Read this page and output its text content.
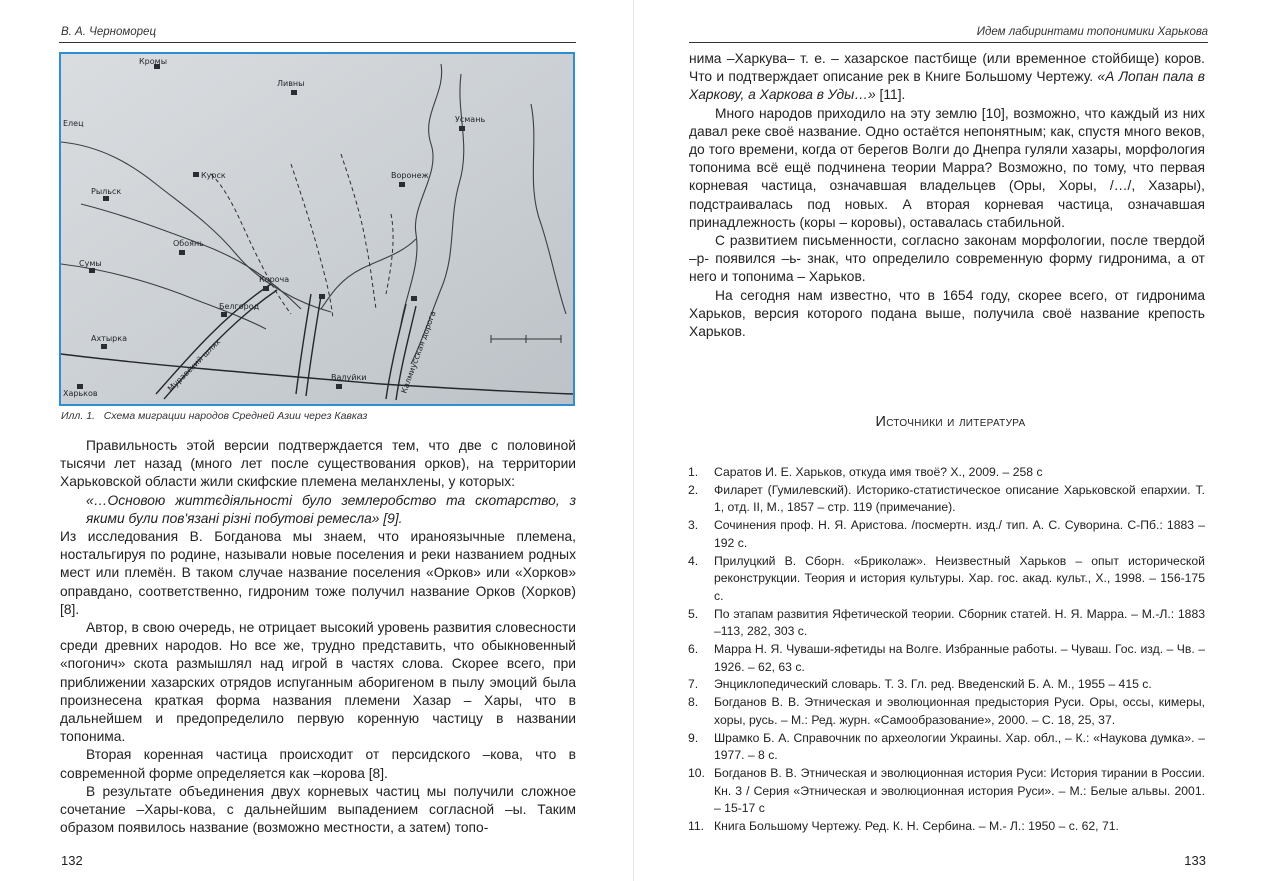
В. А. Черноморец
Кромы
Ливны
Елец
Курск
Рыльск
Обоянь
Сумы
Белгород
Короча
Валуйки
Харьков
Ахтырка
Воронеж
Усмань
Калмиусская дорога
Муравский шлях
Илл. 1. Схема миграции народов Средней Азии через Кавказ

Правильность этой версии подтверждается тем, что две с половиной тысячи лет назад (много лет после существования орков), на территории Харьковской области жили скифские племена меланхлены, у которых:

«…Основою життєдіяльності було землеробство та скотарство, з якими були пов'язані різні побутові ремесла» [9].

Из исследования В. Богданова мы знаем, что ираноязычные племена, ностальгируя по родине, называли новые поселения и реки названием родных мест или племён. В таком случае название поселения «Орков» или «Хорков» оправдано, соответственно, гидроним тоже получил название Орков (Хорков) [8].

Автор, в свою очередь, не отрицает высокий уровень развития словесности среди древних народов. Но все же, трудно представить, что обыкновенный «погонич» скота размышлял над игрой в частях слова. Скорее всего, при приближении хазарских отрядов испуганным аборигеном в пылу эмоций была произнесена краткая форма названия племени Хазар – Хары, что в дальнейшем и предопределило первую коренную частицу в названии топонима.

Вторая коренная частица происходит от персидского –кова, что в современной форме определяется как –корова [8].

В результате объединения двух корневых частиц мы получили сложное сочетание –Хары-кова, с дальнейшим выпадением согласной –ы. Таким образом появилось название (возможно местности, а затем) топо-

132
Идем лабиринтами топонимики Харькова
Источники и литература
133

нима –Харкува– т. е. – хазарское пастбище (или временное стойбище) коров. Что и подтверждает описание рек в Книге Большому Чертежу. «А Лопан пала в Харкову, а Харкова в Уды…» [11].

Много народов приходило на эту землю [10], возможно, что каждый из них давал реке своё название. Одно остаётся непонятным; как, спустя много веков, до того времени, когда от берегов Волги до Днепра гуляли хазары, морфология топонима всё ещё подчинена теории Марра? Возможно, по тому, что первая корневая частица, означавшая владельцев (Оры, Хоры, /…/, Хазары), подстраивалась под новых. А вторая корневая частица, означавшая принадлежность (коры – коровы), оставалась стабильной.

С развитием письменности, согласно законам морфологии, после твердой –р- появился –ь- знак, что определило современную форму гидронима, а от него и топонима – Харьков.

На сегодня нам известно, что в 1654 году, скорее всего, от гидронима Харьков, версия которого подана выше, получила своё название крепость Харьков.

1. Саратов И. Е. Харьков, откуда имя твоё? Х., 2009. – 258 с
2. Филарет (Гумилевский). Историко-статистическое описание Харьковской епархии. Т. 1, отд. II, М., 1857 – стр. 119 (примечание).
3. Сочинения проф. Н. Я. Аристова. /посмертн. изд./ тип. А. С. Суворина. С-Пб.: 1883 – 192 с.
4. Прилуцкий В. Сборн. «Бриколаж». Неизвестный Харьков – опыт исторической реконструкции. Теория и история культуры. Хар. гос. акад. культ., Х., 1998. – 156-175 с.
5. По этапам развития Яфетической теории. Сборник статей. Н. Я. Марра. – М.-Л.: 1883 –113, 282, 303 с.
6. Марра Н. Я. Чуваши-яфетиды на Волге. Избранные работы. – Чуваш. Гос. изд. – Чв. – 1926. – 62, 63 с.
7. Энциклопедический словарь. Т. 3. Гл. ред. Введенский Б. А. М., 1955 – 415 с.
8. Богданов В. В. Этническая и эволюционная предыстория Руси. Оры, оссы, кимеры, хоры, русь. – М.: Ред. журн. «Самообразование», 2000. – С. 18, 25, 37.
9. Шрамко Б. А. Справочник по археологии Украины. Хар. обл., – К.: «Наукова думка». – 1977. – 8 с.
10. Богданов В. В. Этническая и эволюционная история Руси: История тирании в России. Кн. 3 / Серия «Этническая и эволюционная история Руси». – М.: Белые альвы. 2001. – 15-17 с
11. Книга Большому Чертежу. Ред. К. Н. Сербина. – М.- Л.: 1950 – с. 62, 71.
